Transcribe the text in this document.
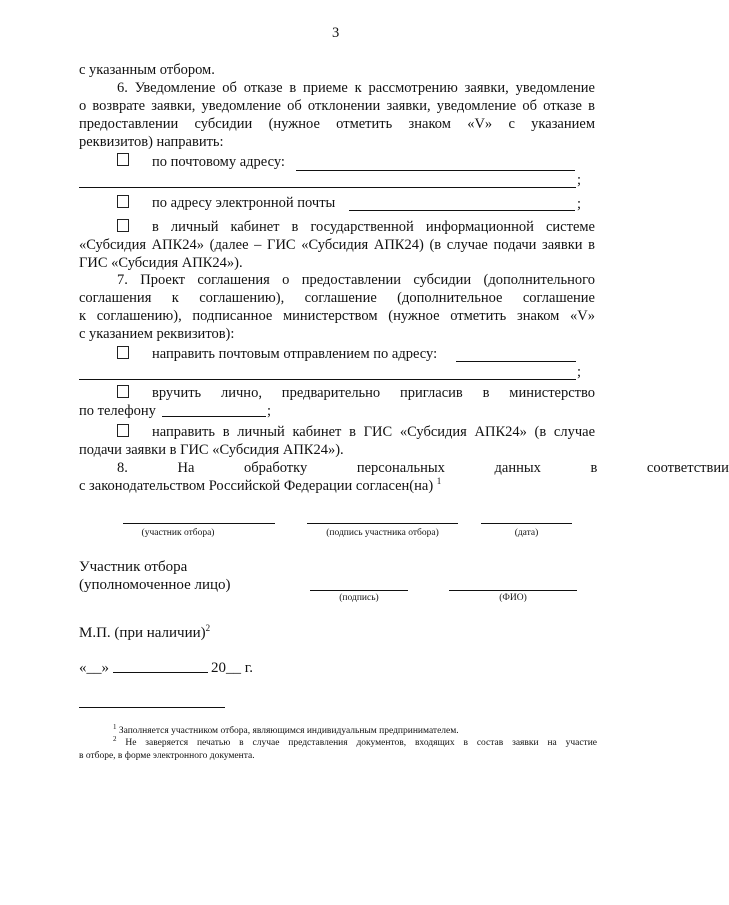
3
с указанным отбором.
6. Уведомление об отказе в приеме к рассмотрению заявки, уведомление
о возврате заявки, уведомление об отклонении заявки, уведомление об отказе в
предоставлении субсидии (нужное отметить знаком «V» с указанием
реквизитов) направить:
по почтовому адресу:
;
по адресу электронной почты	;
в личный кабинет в государственной информационной системе
«Субсидия АПК24» (далее – ГИС «Субсидия АПК24) (в случае подачи заявки в
ГИС «Субсидия АПК24»).
7. Проект соглашения о предоставлении субсидии (дополнительного
соглашения к соглашению), соглашение (дополнительное соглашение
к соглашению), подписанное министерством (нужное отметить знаком «V»
с указанием реквизитов):
направить почтовым отправлением по адресу:
;
вручить лично, предварительно пригласив в министерство
по телефону	;
направить в личный кабинет в ГИС «Субсидия АПК24» (в случае
подачи заявки в ГИС «Субсидия АПК24»).
8. На обработку персональных данных в соответствии
с законодательством Российской Федерации согласен(на) $^1$
(участник отбора)	(подпись участника отбора)	(дата)
Участник отбора
(уполномоченное лицо)
(подпись)	(ФИО)
М.П. (при наличии)$^2$
«__»	20__ г.
$^1$ Заполняется участником отбора, являющимся индивидуальным предпринимателем.
$^2$ Не заверяется печатью в случае представления документов, входящих в состав заявки на участие
в отборе, в форме электронного документа.
